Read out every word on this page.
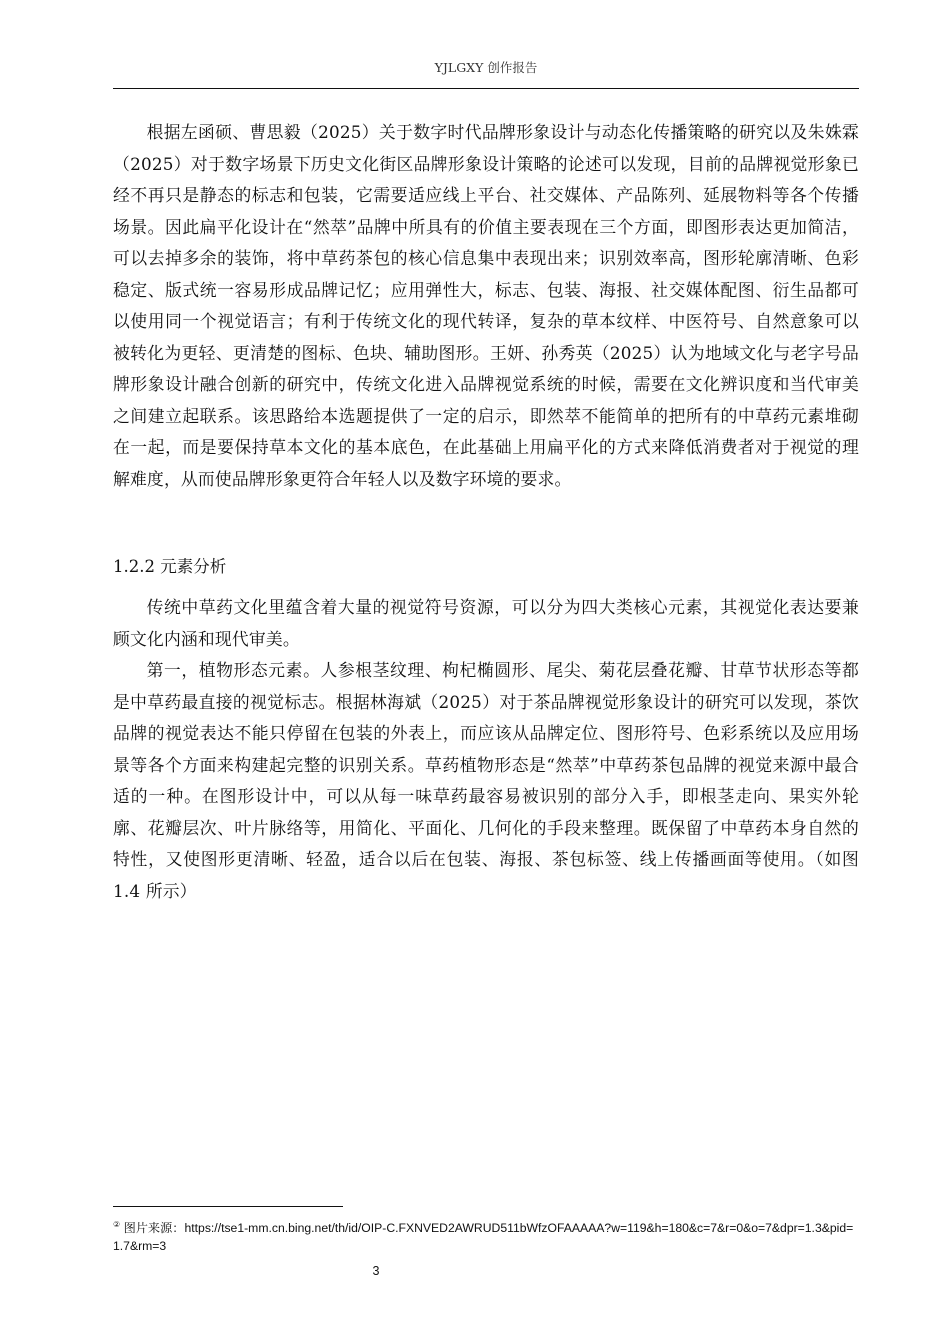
YJLGXY 创作报告

根据左函硕、曹思毅（2025）关于数字时代品牌形象设计与动态化传播策略的研究以及朱姝霖（2025）对于数字场景下历史文化街区品牌形象设计策略的论述可以发现，目前的品牌视觉形象已经不再只是静态的标志和包装，它需要适应线上平台、社交媒体、产品陈列、延展物料等各个传播场景。因此扁平化设计在“然萃”品牌中所具有的价值主要表现在三个方面，即图形表达更加简洁，可以去掉多余的装饰，将中草药茶包的核心信息集中表现出来；识别效率高，图形轮廓清晰、色彩稳定、版式统一容易形成品牌记忆；应用弹性大，标志、包装、海报、社交媒体配图、衍生品都可以使用同一个视觉语言；有利于传统文化的现代转译，复杂的草本纹样、中医符号、自然意象可以被转化为更轻、更清楚的图标、色块、辅助图形。王妍、孙秀英（2025）认为地域文化与老字号品牌形象设计融合创新的研究中，传统文化进入品牌视觉系统的时候，需要在文化辨识度和当代审美之间建立起联系。该思路给本选题提供了一定的启示，即然萃不能简单的把所有的中草药元素堆砌在一起，而是要保持草本文化的基本底色，在此基础上用扁平化的方式来降低消费者对于视觉的理解难度，从而使品牌形象更符合年轻人以及数字环境的要求。

1.2.2 元素分析

传统中草药文化里蕴含着大量的视觉符号资源，可以分为四大类核心元素，其视觉化表达要兼顾文化内涵和现代审美。

第一，植物形态元素。人参根茎纹理、枸杞椭圆形、尾尖、菊花层叠花瓣、甘草节状形态等都是中草药最直接的视觉标志。根据林海斌（2025）对于茶品牌视觉形象设计的研究可以发现，茶饮品牌的视觉表达不能只停留在包装的外表上，而应该从品牌定位、图形符号、色彩系统以及应用场景等各个方面来构建起完整的识别关系。草药植物形态是“然萃”中草药茶包品牌的视觉来源中最合适的一种。在图形设计中，可以从每一味草药最容易被识别的部分入手，即根茎走向、果实外轮廓、花瓣层次、叶片脉络等，用简化、平面化、几何化的手段来整理。既保留了中草药本身自然的特性，又使图形更清晰、轻盈，适合以后在包装、海报、茶包标签、线上传播画面等使用。（如图 1.4 所示）

② 图片来源：https://tse1-mm.cn.bing.net/th/id/OIP-C.FXNVED2AWRUD511bWfzOFAAAAA?w=119&h=180&c=7&r=0&o=7&dpr=1.3&pid=1.7&rm=3
3
